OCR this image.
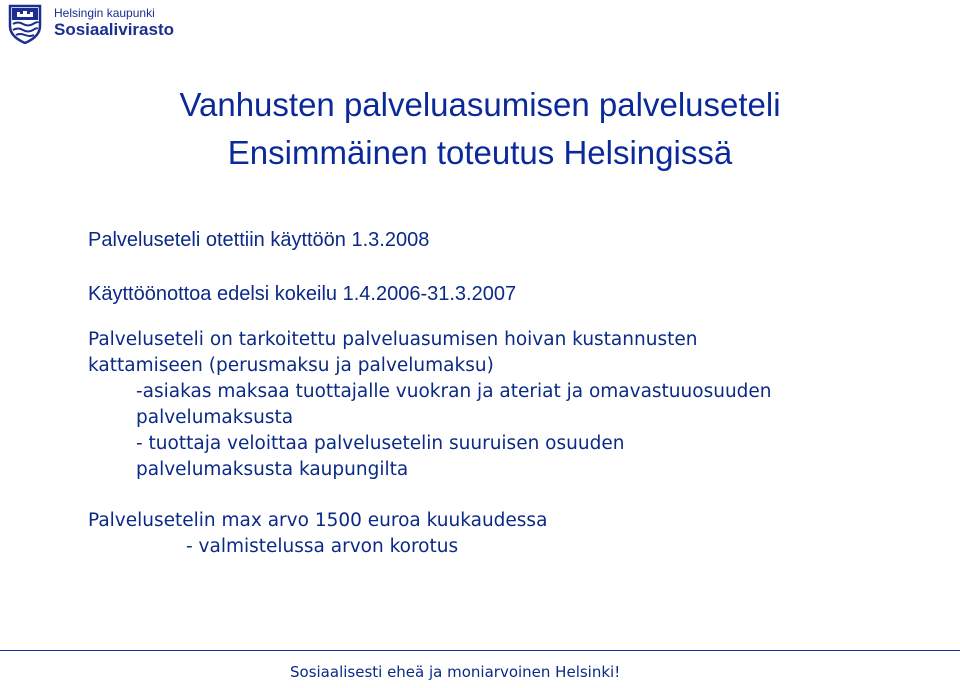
Helsingin kaupunki
Sosiaalivirasto
Vanhusten palveluasumisen palveluseteli
Ensimmäinen toteutus Helsingissä
Palveluseteli otettiin käyttöön 1.3.2008
Käyttöönottoa edelsi kokeilu 1.4.2006-31.3.2007
Palveluseteli on tarkoitettu palveluasumisen hoivan kustannusten
kattamiseen (perusmaksu ja palvelumaksu)
-asiakas maksaa tuottajalle vuokran ja ateriat ja omavastuuosuuden
palvelumaksusta
- tuottaja veloittaa palvelusetelin suuruisen osuuden
palvelumaksusta kaupungilta
Palvelusetelin max arvo 1500 euroa kuukaudessa
- valmistelussa arvon korotus
Sosiaalisesti eheä ja moniarvoinen Helsinki!
